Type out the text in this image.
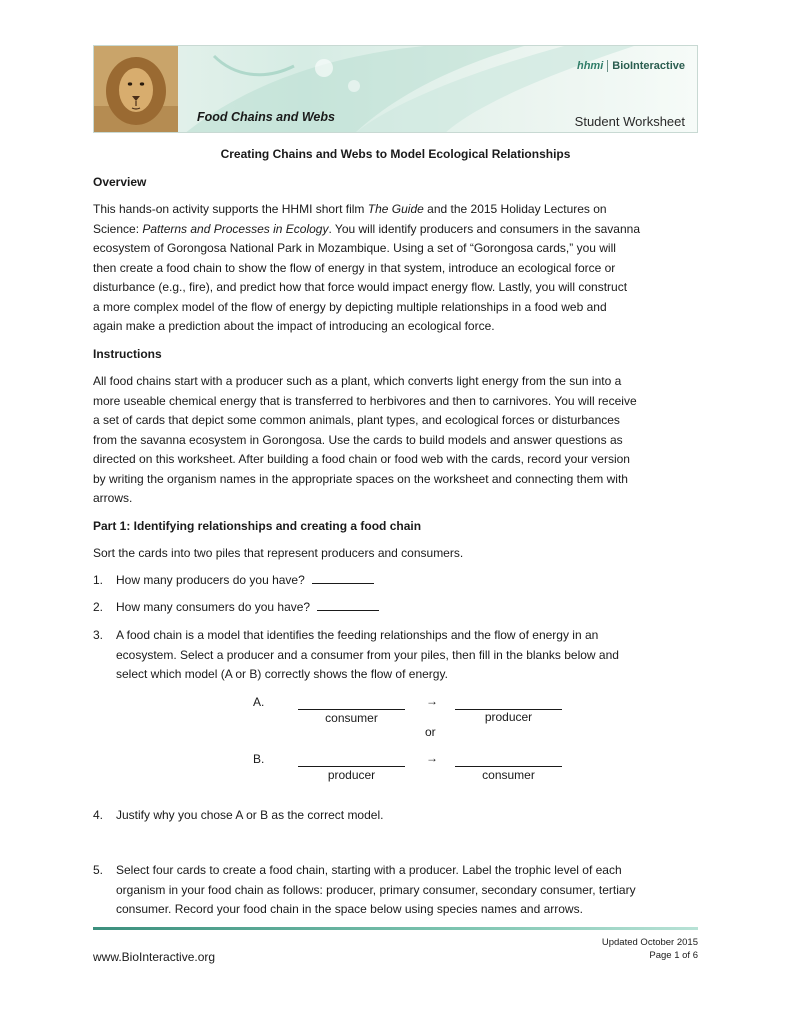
hhmi BioInteractive
Food Chains and Webs	Student Worksheet
Creating Chains and Webs to Model Ecological Relationships
Overview
This hands-on activity supports the HHMI short film The Guide and the 2015 Holiday Lectures on
Science: Patterns and Processes in Ecology. You will identify producers and consumers in the savanna
ecosystem of Gorongosa National Park in Mozambique. Using a set of “Gorongosa cards,” you will
then create a food chain to show the flow of energy in that system, introduce an ecological force or
disturbance (e.g., fire), and predict how that force would impact energy flow. Lastly, you will construct
a more complex model of the flow of energy by depicting multiple relationships in a food web and
again make a prediction about the impact of introducing an ecological force.
Instructions
All food chains start with a producer such as a plant, which converts light energy from the sun into a
more useable chemical energy that is transferred to herbivores and then to carnivores. You will receive
a set of cards that depict some common animals, plant types, and ecological forces or disturbances
from the savanna ecosystem in Gorongosa. Use the cards to build models and answer questions as
directed on this worksheet. After building a food chain or food web with the cards, record your version
by writing the organism names in the appropriate spaces on the worksheet and connecting them with
arrows.
Part 1: Identifying relationships and creating a food chain
Sort the cards into two piles that represent producers and consumers.
1. How many producers do you have?
2. How many consumers do you have?
3. A food chain is a model that identifies the feeding relationships and the flow of energy in an
ecosystem. Select a producer and a consumer from your piles, then fill in the blanks below and
select which model (A or B) correctly shows the flow of energy.
A.
consumer
→
producer
or
B.
producer
→
consumer
4. Justify why you chose A or B as the correct model.
5. Select four cards to create a food chain, starting with a producer. Label the trophic level of each
organism in your food chain as follows: producer, primary consumer, secondary consumer, tertiary
consumer. Record your food chain in the space below using species names and arrows.
Updated October 2015
Page 1 of 6
www.BioInteractive.org
